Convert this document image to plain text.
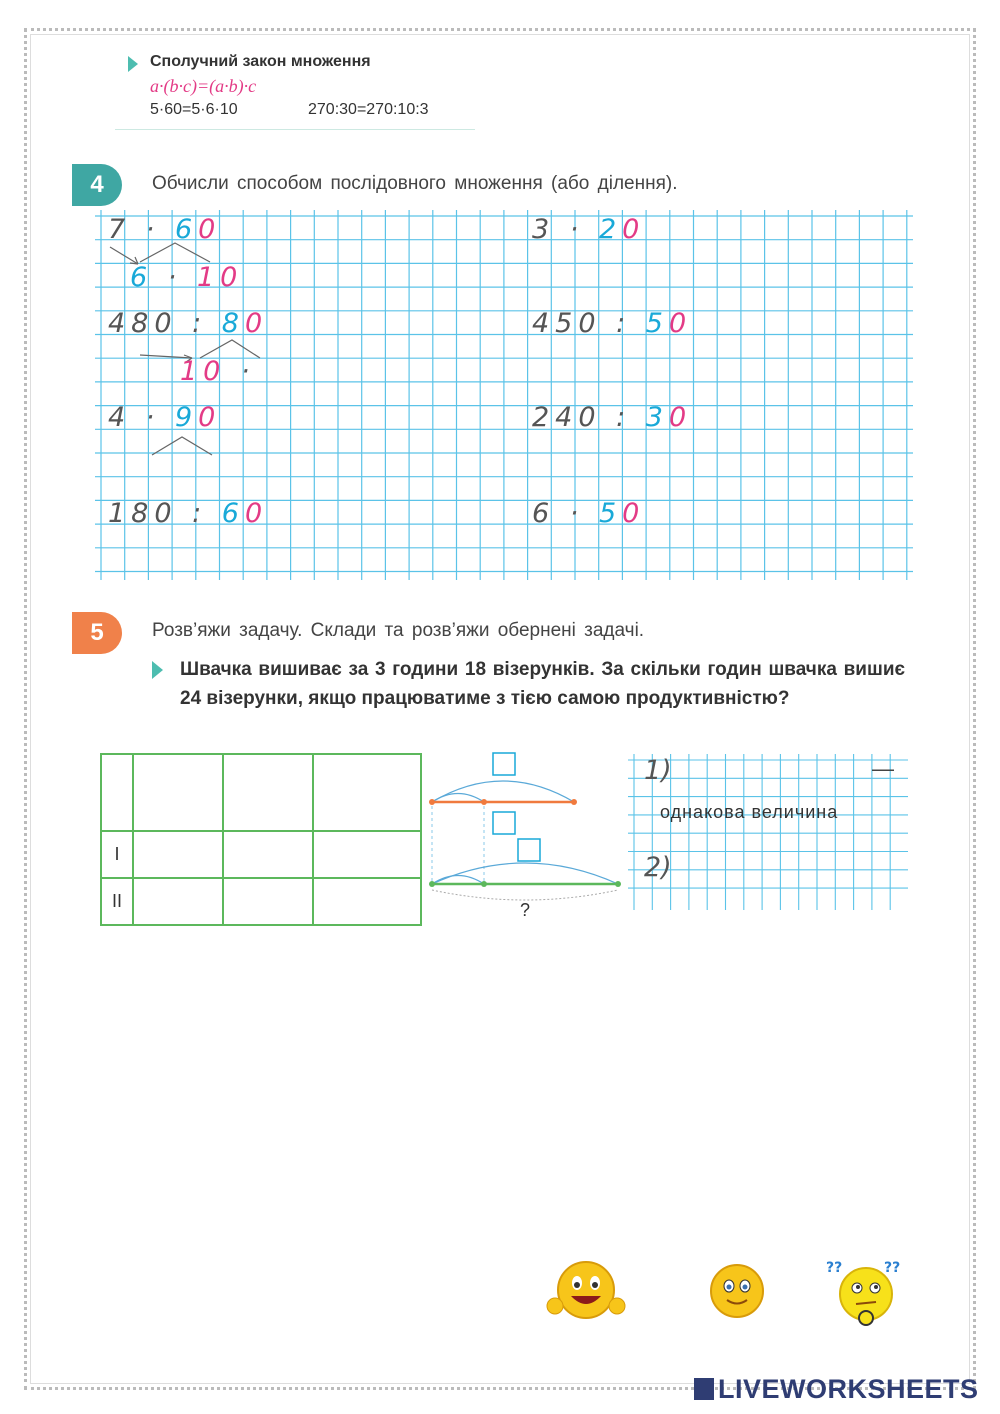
Сполучний закон множення
a·(b·c)=(a·b)·c
5·60=5·6·10	270:30=270:10:3
4	Обчисли способом послідовного множення (або ділення).
7 · 60
6 · 10
3 · 20
480 : 80
10 ·
450 : 50
4 · 90	240 : 30
180 : 60	6 · 50
5	Розв’яжи задачу. Склади та розв’яжи обернені задачі.
Швачка вишиває за 3 години 18 візерунків. За скільки годин швачка вишиє 24 візерунки, якщо працюватиме з тією самою продуктивністю?

I			
II				?
1)	—
однакова величина
2)
??	??
LIVEWORKSHEETS
